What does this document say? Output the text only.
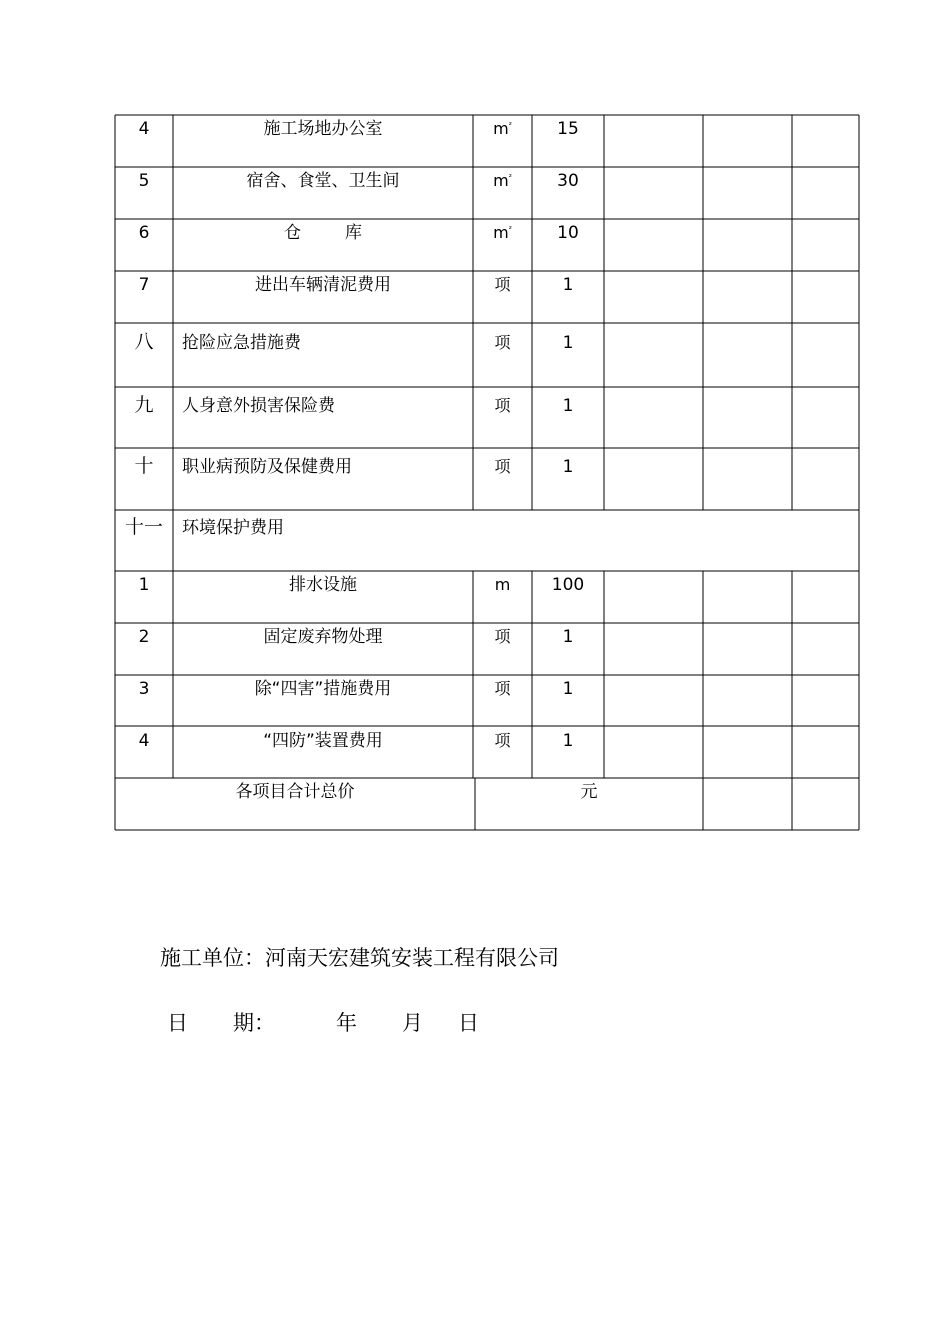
4	施工场地办公室	$m^{^2}$	15
5	宿舍、食堂、卫生间	$m^{^2}$	30
6	仓库	$m^{^2}$	10
7	进出车辆清泥费用	项	1
八	抢险应急措施费	项	1
九	人身意外损害保险费	项	1
十	职业病预防及保健费用	项	1
十一	环境保护费用
1	排水设施	m	100
2	固定废弃物处理	项	1
3	除“四害”措施费用	项	1
4	“四防”装置费用	项	1
各项目合计总价	元
施工单位：河南天宏建筑安装工程有限公司
日 期：	年 月 日
